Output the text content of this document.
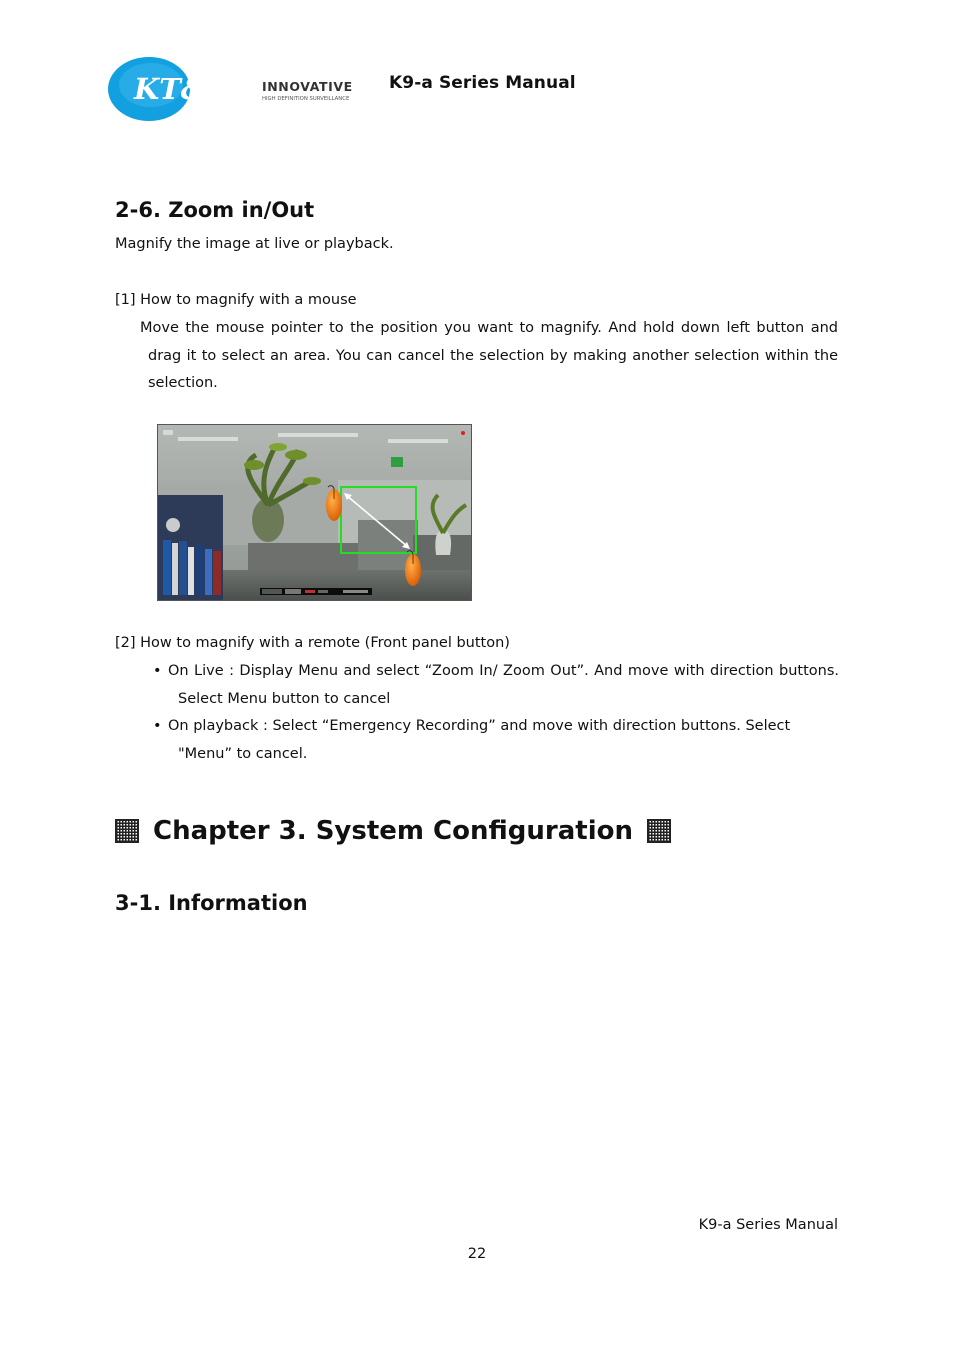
KT&C	INNOVATIVE
HIGH DEFINITION SURVEILLANCE
K9-a Series Manual
2-6. Zoom in/Out
Magnify the image at live or playback.
[1] How to magnify with a mouse
Move the mouse pointer to the position you want to magnify. And hold down left button and
drag it to select an area. You can cancel the selection by making another selection within the
selection.
[2] How to magnify with a remote (Front panel button)
• On Live : Display Menu and select “Zoom In/ Zoom Out”. And move with direction buttons.
Select Menu button to cancel
• On playback : Select “Emergency Recording” and move with direction buttons. Select
"Menu” to cancel.
Chapter 3. System Configuration
3-1. Information
K9-a Series Manual
22
